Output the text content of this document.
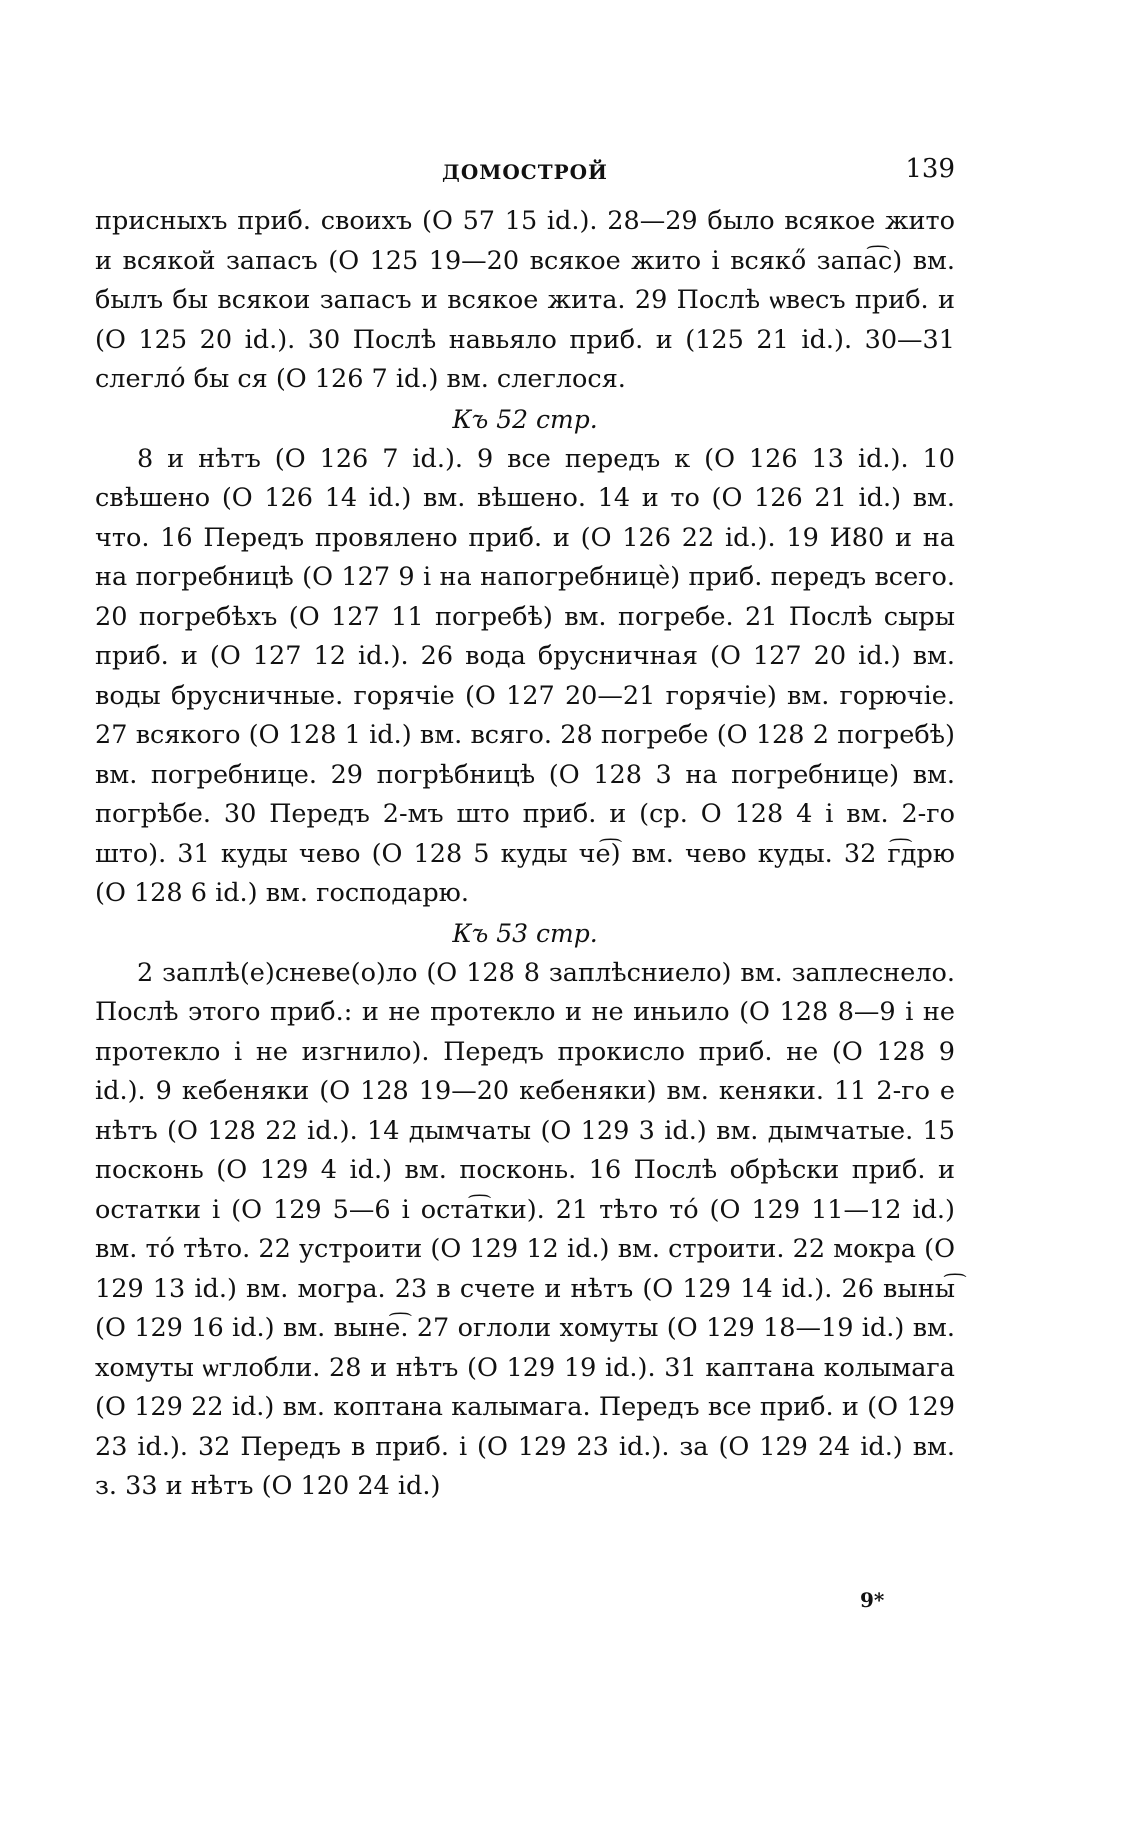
ДОМОСТРОЙ	139

присныхъ приб. своихъ (О 57 15 id.). 28—29 было всякое жито и всякой запасъ (О 125 19—20 всякое жито і всякő запа͡с) вм. былъ бы всякои запасъ и всякое жита. 29 Послѣ ѡвесъ приб. и (О 125 20 id.). 30 Послѣ навьяло приб. и (125 21 id.). 30—31 слеглó бы ся (О 126 7 id.) вм. слеглося.

Къ 52 стр.

8 и нѣтъ (О 126 7 id.). 9 все передъ к (О 126 13 id.). 10 свѣшено (О 126 14 id.) вм. вѣшено. 14 и то (О 126 21 id.) вм. что. 16 Передъ провялено приб. и (О 126 22 id.). 19 И80 и на на погребницѣ (О 127 9 і на напогребницѐ) приб. передъ всего. 20 погребѣхъ (О 127 11 погребѣ) вм. погребе. 21 Послѣ сыры приб. и (О 127 12 id.). 26 вода брусничная (О 127 20 id.) вм. воды брусничные. горячіе (О 127 20—21 горячіе) вм. горючіе. 27 всякого (О 128 1 id.) вм. всяго. 28 погребе (О 128 2 погребѣ) вм. погребнице. 29 погрѣбницѣ (О 128 3 на погребнице) вм. погрѣбе. 30 Передъ 2-мъ што приб. и (ср. О 128 4 і вм. 2-го што). 31 куды чево (О 128 5 куды че͡) вм. чево куды. 32 г͡дрю (О 128 6 id.) вм. господарю.

Къ 53 стр.

2 заплѣ(е)сневе(о)ло (О 128 8 заплѣсниело) вм. заплеснело. Послѣ этого приб.: и не протекло и не иньило (О 128 8—9 і не протекло і не изгнило). Передъ прокисло приб. не (О 128 9 id.). 9 кебеняки (О 128 19—20 кебеняки) вм. кеняки. 11 2-го е нѣтъ (О 128 22 id.). 14 дымчаты (О 129 3 id.) вм. дымчатые. 15 посконь (О 129 4 id.) вм. посконь. 16 Послѣ обрѣски приб. и остатки і (О 129 5—6 і оста͡тки). 21 тѣто тó (О 129 11—12 id.) вм. тó тѣто. 22 устроити (О 129 12 id.) вм. строити. 22 мокра (О 129 13 id.) вм. могра. 23 в счете и нѣтъ (О 129 14 id.). 26 выны͡ (О 129 16 id.) вм. выне͡. 27 оглоли хомуты (О 129 18—19 id.) вм. хомуты ѡглобли. 28 и нѣтъ (О 129 19 id.). 31 каптана колымага (О 129 22 id.) вм. коптана калымага. Передъ все приб. и (О 129 23 id.). 32 Передъ в приб. і (О 129 23 id.). за (О 129 24 id.) вм. з. 33 и нѣтъ (О 120 24 id.)

9*
